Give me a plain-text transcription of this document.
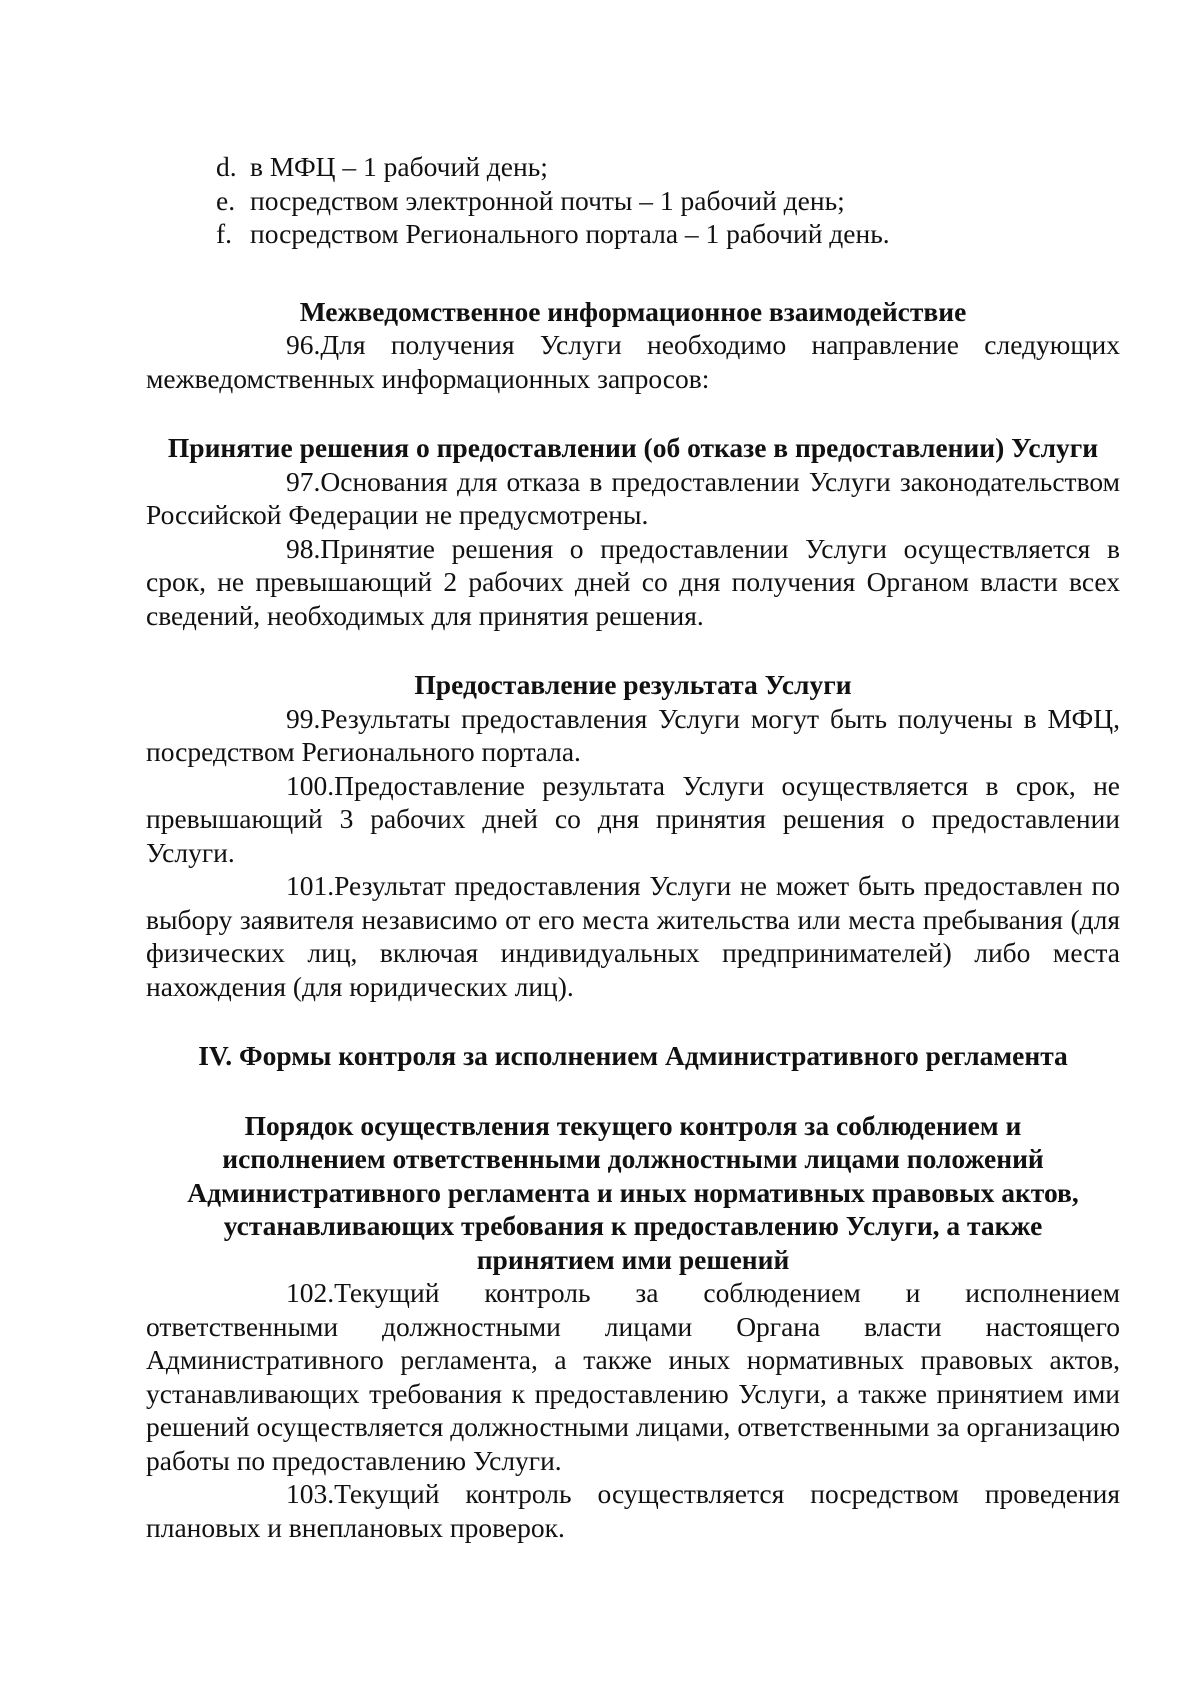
d. в МФЦ – 1 рабочий день;
e. посредством электронной почты – 1 рабочий день;
f. посредством Регионального портала – 1 рабочий день.

Межведомственное информационное взаимодействие

96.Для получения Услуги необходимо направление следующих межведомственных информационных запросов:

Принятие решения о предоставлении (об отказе в предоставлении) Услуги

97.Основания для отказа в предоставлении Услуги законодательством Российской Федерации не предусмотрены.

98.Принятие решения о предоставлении Услуги осуществляется в срок, не превышающий 2 рабочих дней со дня получения Органом власти всех сведений, необходимых для принятия решения.

Предоставление результата Услуги

99.Результаты предоставления Услуги могут быть получены в МФЦ, посредством Регионального портала.

100.Предоставление результата Услуги осуществляется в срок, не превышающий 3 рабочих дней со дня принятия решения о предоставлении Услуги.

101.Результат предоставления Услуги не может быть предоставлен по выбору заявителя независимо от его места жительства или места пребывания (для физических лиц, включая индивидуальных предпринимателей) либо места нахождения (для юридических лиц).

IV. Формы контроля за исполнением Административного регламента

Порядок осуществления текущего контроля за соблюдением и

исполнением ответственными должностными лицами положений

Административного регламента и иных нормативных правовых актов,

устанавливающих требования к предоставлению Услуги, а также

принятием ими решений

102.Текущий контроль за соблюдением и исполнением ответственными должностными лицами Органа власти настоящего Административного регламента, а также иных нормативных правовых актов, устанавливающих требования к предоставлению Услуги, а также принятием ими решений осуществляется должностными лицами, ответственными за организацию работы по предоставлению Услуги.

103.Текущий контроль осуществляется посредством проведения плановых и внеплановых проверок.
